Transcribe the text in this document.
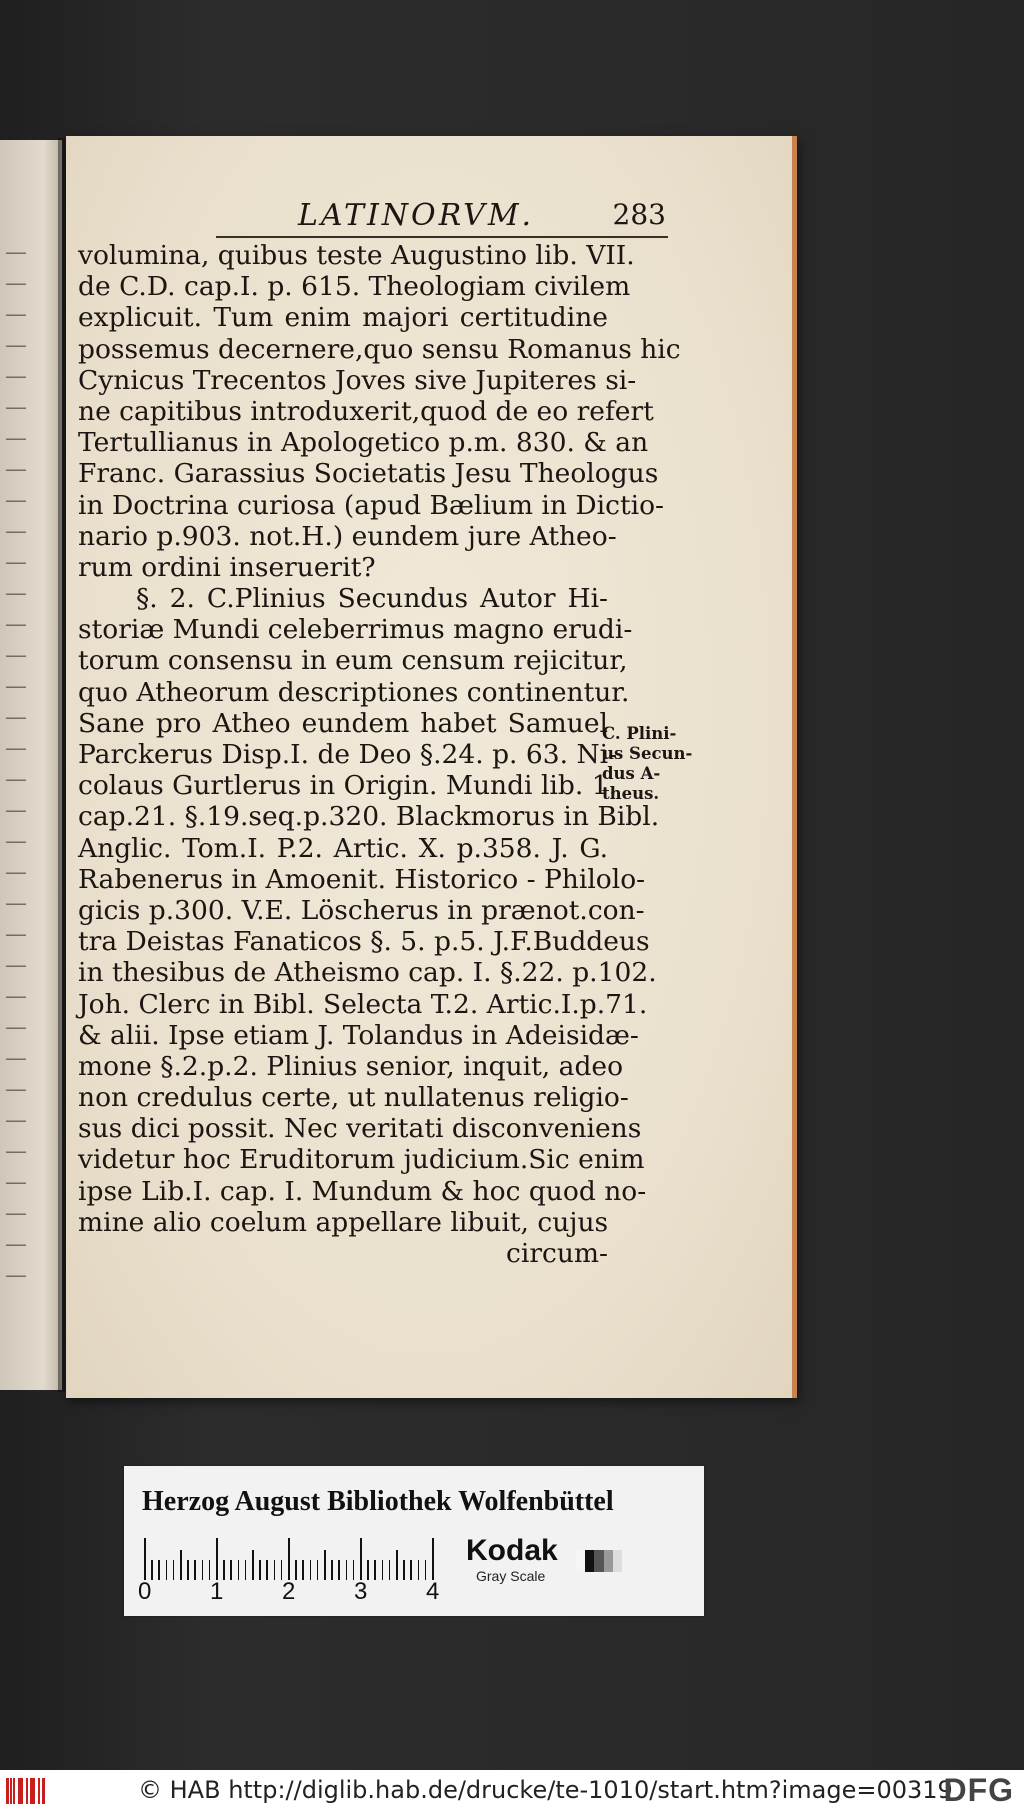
—
—
—
—
—
—
—
—
—
—
—
—
—
—
—
—
—
—
—
—
—
—
—
—
—
—
—
—
—
—
—
—
—
—
LATINORVM.	283
volumina, quibus teste Augustino lib. VII.
de C.D. cap.I. p. 615. Theologiam civilem
explicuit. Tum enim majori certitudine
possemus decernere,quo sensu Romanus hic
Cynicus Trecentos Joves sive Jupiteres si-
ne capitibus introduxerit,quod de eo refert
Tertullianus in Apologetico p.m. 830. & an
Franc. Garassius Societatis Jesu Theologus
in Doctrina curiosa (apud Bælium in Dictio-
nario p.903. not.H.) eundem jure Atheo-
rum ordini inseruerit?
§. 2. C.Plinius Secundus Autor Hi-
storiæ Mundi celeberrimus magno erudi-
torum consensu in eum censum rejicitur,
quo Atheorum descriptiones continentur.
Sane pro Atheo eundem habet Samuel
Parckerus Disp.I. de Deo §.24. p. 63. Ni-
colaus Gurtlerus in Origin. Mundi lib. 1.
cap.21. §.19.seq.p.320. Blackmorus in Bibl.
Anglic. Tom.I. P.2. Artic. X. p.358. J. G.
Rabenerus in Amoenit. Historico - Philolo-
gicis p.300. V.E. Löscherus in prænot.con-
tra Deistas Fanaticos §. 5. p.5. J.F.Buddeus
in thesibus de Atheismo cap. I. §.22. p.102.
Joh. Clerc in Bibl. Selecta T.2. Artic.I.p.71.
& alii. Ipse etiam J. Tolandus in Adeisidæ-
mone §.2.p.2. Plinius senior, inquit, adeo
non credulus certe, ut nullatenus religio-
sus dici possit. Nec veritati disconveniens
videtur hoc Eruditorum judicium.Sic enim
ipse Lib.I. cap. I. Mundum & hoc quod no-
mine alio coelum appellare libuit, cujus
circum-
C. Plini-
us Secun-
dus A-
theus.
Herzog August Bibliothek Wolfenbüttel
0 1 2 3 4
Kodak
Gray Scale
© HAB http://diglib.hab.de/drucke/te-1010/start.htm?image=00319
DFG
